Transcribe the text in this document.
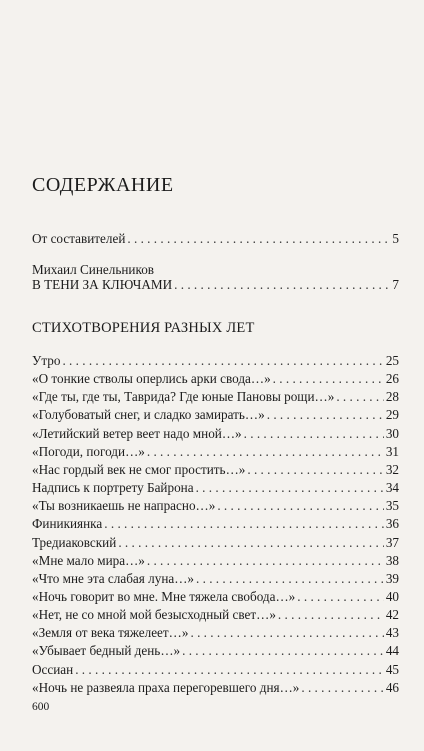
СОДЕРЖАНИЕ
От составителей . . .	5
Михаил Синельников
В ТЕНИ ЗА КЛЮЧАМИ . . .	7
СТИХОТВОРЕНИЯ РАЗНЫХ ЛЕТ
Утро . . .	25
«О тонкие стволы оперлись арки свода…» . . .	26
«Где ты, где ты, Таврида? Где юные Пановы рощи…» . . .	28
«Голубоватый снег, и сладко замирать…» . . .	29
«Летийский ветер веет надо мной…» . . .	30
«Погоди, погоди…» . . .	31
«Нас гордый век не смог простить…» . . .	32
Надпись к портрету Байрона . . .	34
«Ты возникаешь не напрасно…» . . .	35
Финикиянка . . .	36
Тредиаковский . . .	37
«Мне мало мира…» . . .	38
«Что мне эта слабая луна…» . . .	39
«Ночь говорит во мне. Мне тяжела свобода…» . . .	40
«Нет, не со мной мой безысходный свет…» . . .	42
«Земля от века тяжелеет…» . . .	43
«Убывает бедный день…» . . .	44
Оссиан . . .	45
«Ночь не развеяла праха перегоревшего дня…» . . .	46
600
